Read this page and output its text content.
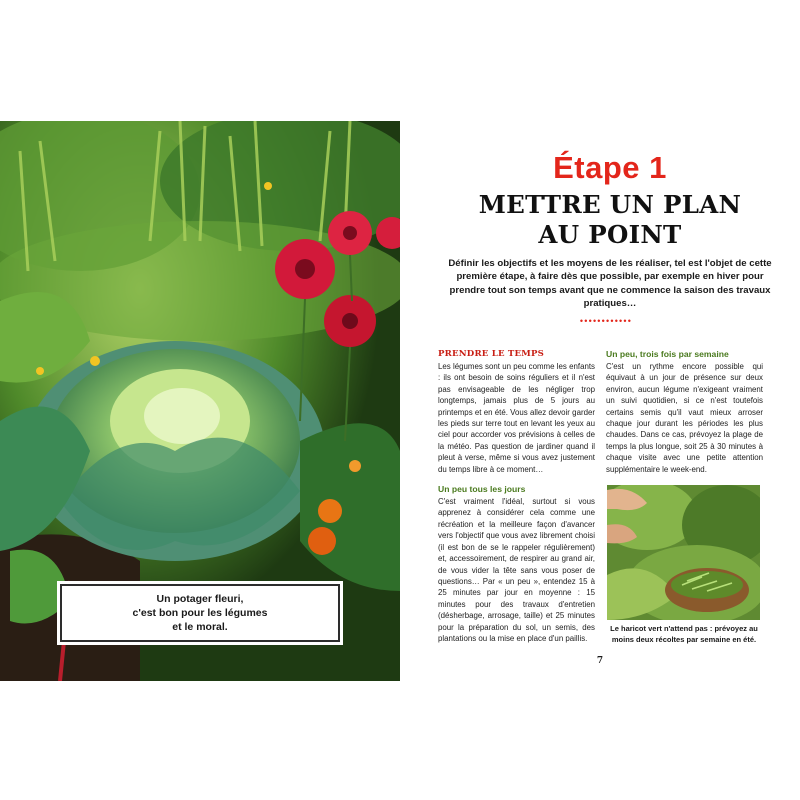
Un potager fleuri,
c'est bon pour les légumes
et le moral.
Étape 1
METTRE UN PLAN
AU POINT
Définir les objectifs et les moyens de les réaliser, tel est l'objet de cette première étape, à faire dès que possible, par exemple en hiver pour prendre tout son temps avant que ne commence la saison des travaux pratiques…
••••••••••••
PRENDRE LE TEMPS
Les légumes sont un peu comme les enfants : ils ont besoin de soins réguliers et il n'est pas envisageable de les négliger trop longtemps, jamais plus de 5 jours au printemps et en été. Vous allez devoir garder les pieds sur terre tout en levant les yeux au ciel pour accorder vos prévisions à celles de la météo. Pas question de jardiner quand il pleut à verse, même si vous avez justement du temps libre à ce moment…
Un peu tous les jours
C'est vraiment l'idéal, surtout si vous apprenez à considérer cela comme une récréation et la meilleure façon d'avancer vers l'objectif que vous avez librement choisi (il est bon de se le rappeler régulièrement) et, accessoirement, de respirer au grand air, de vous vider la tête sans vous poser de questions… Par « un peu », entendez 15 à 25 minutes par jour en moyenne : 15 minutes pour des travaux d'entretien (désherbage, arrosage, taille) et 25 minutes pour la préparation du sol, un semis, des plantations ou la mise en place d'un paillis.
Un peu, trois fois par semaine
C'est un rythme encore possible qui équivaut à un jour de présence sur deux environ, aucun légume n'exigeant vraiment un suivi quotidien, si ce n'est toutefois certains semis qu'il vaut mieux arroser chaque jour durant les périodes les plus chaudes. Dans ce cas, prévoyez la plage de temps la plus longue, soit 25 à 30 minutes à chaque visite avec une petite attention supplémentaire le week-end.
Le haricot vert n'attend pas : prévoyez au moins deux récoltes par semaine en été.
7
